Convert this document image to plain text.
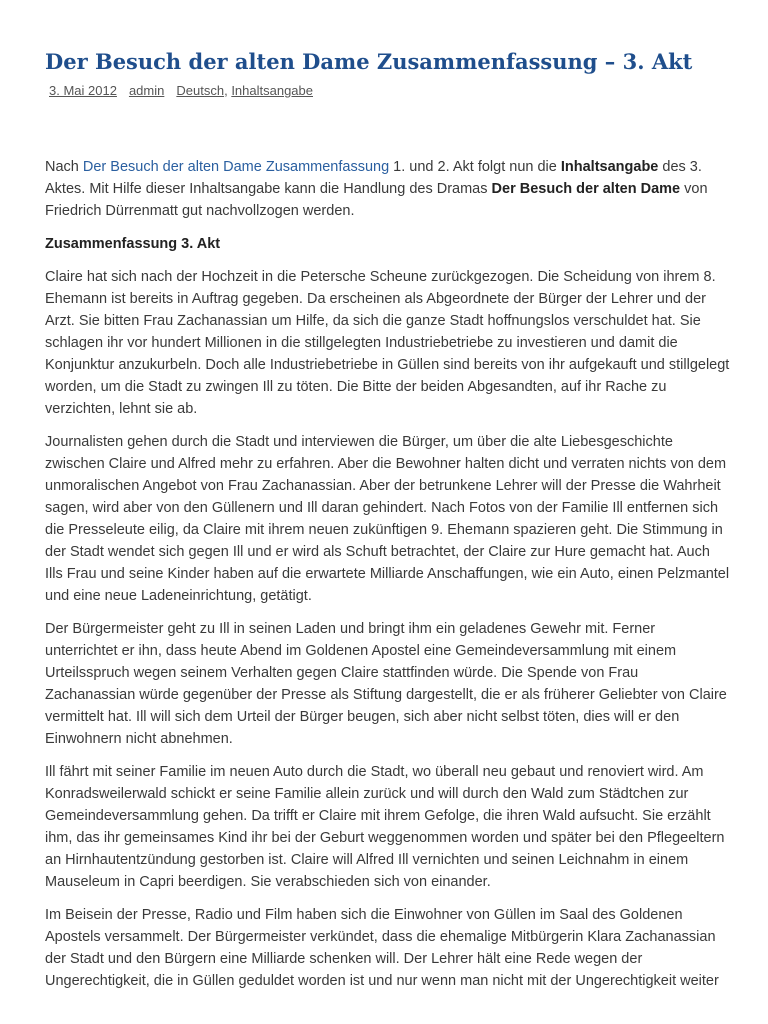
Der Besuch der alten Dame Zusammenfassung – 3. Akt
3. Mai 2012 admin Deutsch, Inhaltsangabe

Nach Der Besuch der alten Dame Zusammenfassung 1. und 2. Akt folgt nun die Inhaltsangabe des 3. Aktes. Mit Hilfe dieser Inhaltsangabe kann die Handlung des Dramas Der Besuch der alten Dame von Friedrich Dürrenmatt gut nachvollzogen werden.

Zusammenfassung 3. Akt

Claire hat sich nach der Hochzeit in die Petersche Scheune zurückgezogen. Die Scheidung von ihrem 8. Ehemann ist bereits in Auftrag gegeben. Da erscheinen als Abgeordnete der Bürger der Lehrer und der Arzt. Sie bitten Frau Zachanassian um Hilfe, da sich die ganze Stadt hoffnungslos verschuldet hat. Sie schlagen ihr vor hundert Millionen in die stillgelegten Industriebetriebe zu investieren und damit die Konjunktur anzukurbeln. Doch alle Industriebetriebe in Güllen sind bereits von ihr aufgekauft und stillgelegt worden, um die Stadt zu zwingen Ill zu töten. Die Bitte der beiden Abgesandten, auf ihr Rache zu verzichten, lehnt sie ab.

Journalisten gehen durch die Stadt und interviewen die Bürger, um über die alte Liebesgeschichte zwischen Claire und Alfred mehr zu erfahren. Aber die Bewohner halten dicht und verraten nichts von dem unmoralischen Angebot von Frau Zachanassian. Aber der betrunkene Lehrer will der Presse die Wahrheit sagen, wird aber von den Güllenern und Ill daran gehindert. Nach Fotos von der Familie Ill entfernen sich die Presseleute eilig, da Claire mit ihrem neuen zukünftigen 9. Ehemann spazieren geht. Die Stimmung in der Stadt wendet sich gegen Ill und er wird als Schuft betrachtet, der Claire zur Hure gemacht hat. Auch Ills Frau und seine Kinder haben auf die erwartete Milliarde Anschaffungen, wie ein Auto, einen Pelzmantel und eine neue Ladeneinrichtung, getätigt.

Der Bürgermeister geht zu Ill in seinen Laden und bringt ihm ein geladenes Gewehr mit. Ferner unterrichtet er ihn, dass heute Abend im Goldenen Apostel eine Gemeindeversammlung mit einem Urteilsspruch wegen seinem Verhalten gegen Claire stattfinden würde. Die Spende von Frau Zachanassian würde gegenüber der Presse als Stiftung dargestellt, die er als früherer Geliebter von Claire vermittelt hat. Ill will sich dem Urteil der Bürger beugen, sich aber nicht selbst töten, dies will er den Einwohnern nicht abnehmen.

Ill fährt mit seiner Familie im neuen Auto durch die Stadt, wo überall neu gebaut und renoviert wird. Am Konradsweilerwald schickt er seine Familie allein zurück und will durch den Wald zum Städtchen zur Gemeindeversammlung gehen. Da trifft er Claire mit ihrem Gefolge, die ihren Wald aufsucht. Sie erzählt ihm, das ihr gemeinsames Kind ihr bei der Geburt weggenommen worden und später bei den Pflegeeltern an Hirnhautentzündung gestorben ist. Claire will Alfred Ill vernichten und seinen Leichnahm in einem Mauseleum in Capri beerdigen. Sie verabschieden sich von einander.

Im Beisein der Presse, Radio und Film haben sich die Einwohner von Güllen im Saal des Goldenen Apostels versammelt. Der Bürgermeister verkündet, dass die ehemalige Mitbürgerin Klara Zachanassian der Stadt und den Bürgern eine Milliarde schenken will. Der Lehrer hält eine Rede wegen der Ungerechtigkeit, die in Güllen geduldet worden ist und nur wenn man nicht mit der Ungerechtigkeit weiter
